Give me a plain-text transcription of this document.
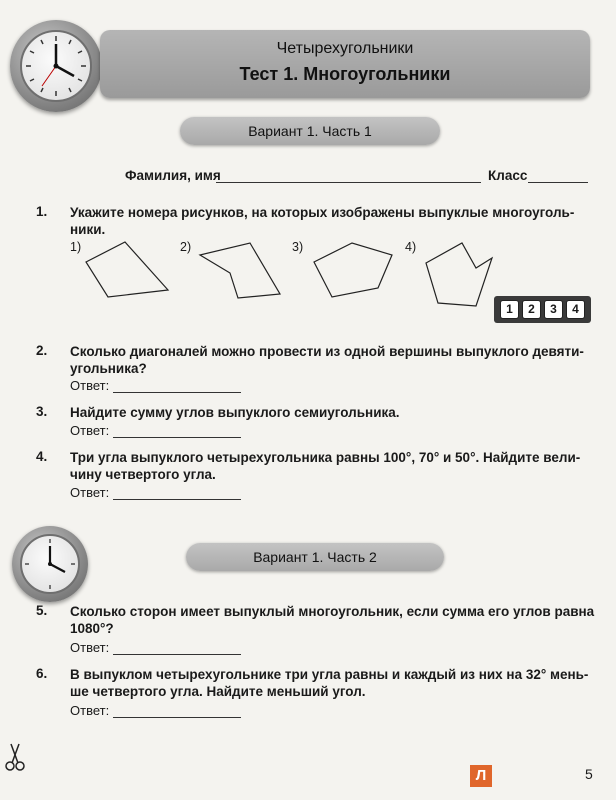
Четырехугольники
Тест 1. Многоугольники
Вариант 1. Часть 1
Фамилия, имя	Класс
1. Укажите номера рисунков, на которых изображены выпуклые многоуголь-
ники.
1)	2)	3)	4)
1	2	3	4
2. Сколько диагоналей можно провести из одной вершины выпуклого девяти-
угольника?
Ответ:
3. Найдите сумму углов выпуклого семиугольника.
Ответ:
4. Три угла выпуклого четырехугольника равны 100°, 70° и 50°. Найдите вели-
чину четвертого угла.
Ответ:
Вариант 1. Часть 2
5. Сколько сторон имеет выпуклый многоугольник, если сумма его углов равна
1080°?
Ответ:
6. В выпуклом четырехугольнике три угла равны и каждый из них на 32° мень-
ше четвертого угла. Найдите меньший угол.
Ответ:
Л	5
